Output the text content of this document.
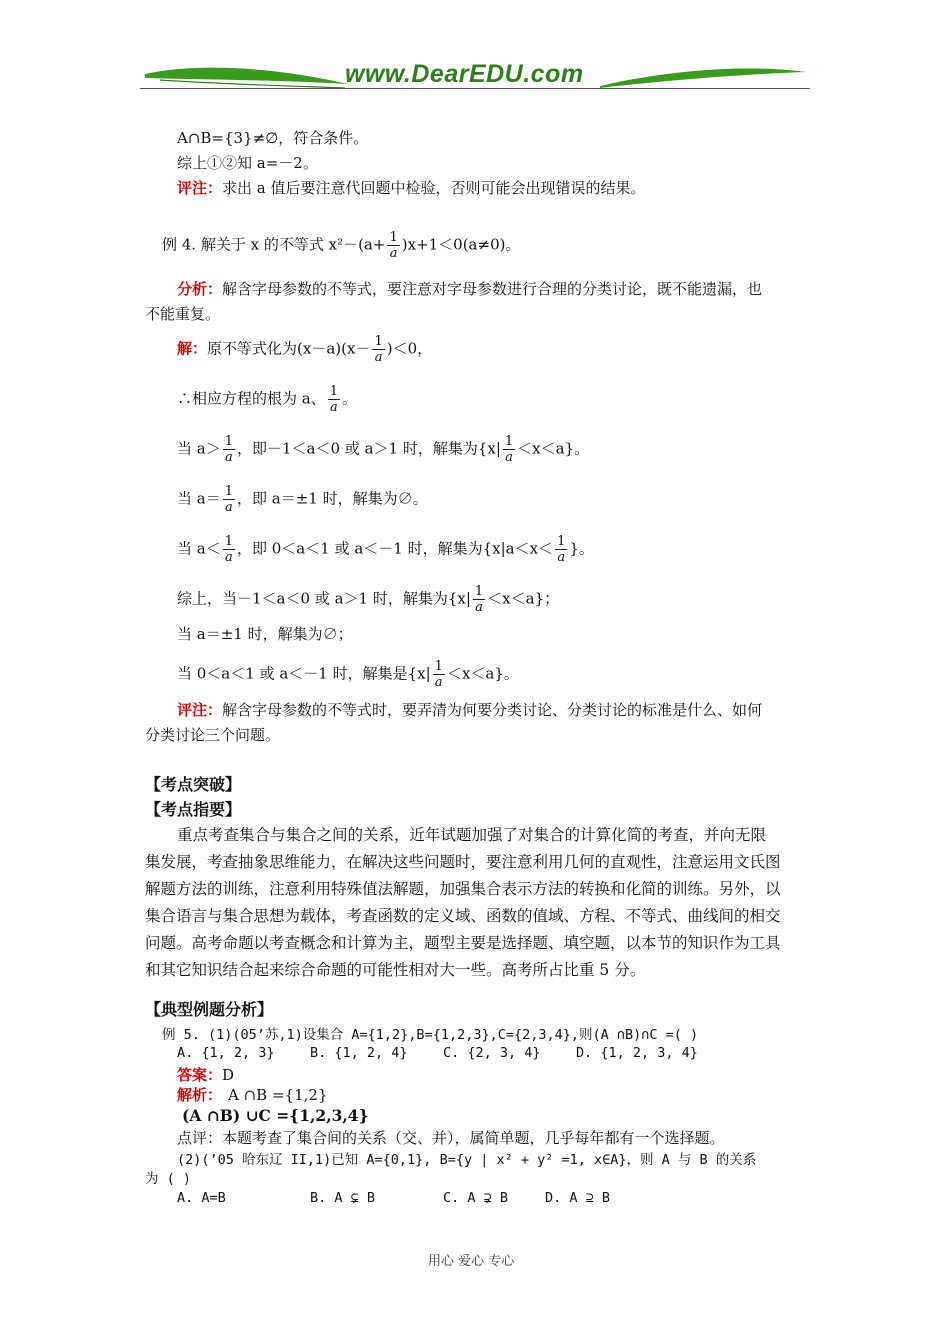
www.DearEDU.com
A∩B={3}≠∅，符合条件。
综上①②知 a=－2。
评注：求出 a 值后要注意代回题中检验，否则可能会出现错误的结果。
例 4. 解关于 x 的不等式 $x^2-(a+ \frac{1}{a} )x+1<0(a\ne 0)$。
分析：解含字母参数的不等式，要注意对字母参数进行合理的分类讨论，既不能遗漏，也
不能重复。
解：原不等式化为$(x-a)(x- \frac{1}{a} )<0$，
∴相应方程的根为 a、 $\frac{1}{a}$ 。
当 $a> \frac{1}{a}$ ，即－1＜a＜0 或 a＞1 时，解集为$\{x| \frac{1}{a} <x<a\}$。
当 $a= \frac{1}{a}$ ，即 a＝±1 时，解集为∅。
当 $a< \frac{1}{a}$ ，即 0＜a＜1 或 a＜－1 时，解集为{$x|a<x< \frac{1}{a}$ }。
综上，当－1＜a＜0 或 a＞1 时，解集为$\{x| \frac{1}{a} <x<a\}$；
当 a＝±1 时，解集为∅；
当 0＜a＜1 或 a＜－1 时，解集是$\{x| \frac{1}{a} <x<a\}$。
评注：解含字母参数的不等式时，要弄清为何要分类讨论、分类讨论的标准是什么、如何
分类讨论三个问题。
【考点突破】
【考点指要】
重点考查集合与集合之间的关系，近年试题加强了对集合的计算化简的考查，并向无限
集发展，考查抽象思维能力，在解决这些问题时，要注意利用几何的直观性，注意运用文氏图
解题方法的训练，注意利用特殊值法解题，加强集合表示方法的转换和化简的训练。另外，以
集合语言与集合思想为载体，考查函数的定义域、函数的值域、方程、不等式、曲线间的相交
问题。高考命题以考查概念和计算为主，题型主要是选择题、填空题，以本节的知识作为工具
和其它知识结合起来综合命题的可能性相对大一些。高考所占比重 5 分。
【典型例题分析】
例 5. (1)(05’苏,1)设集合 A={1,2},B={1,2,3},C={2,3,4},则(A ∩B)∩C =( )
A. {1, 2, 3}	B. {1, 2, 4}	C. {2, 3, 4}	D. {1, 2, 3, 4}
答案：D
解析： A ∩B ={1,2}
(A ∩B) ∪C ={1,2,3,4}
点评：本题考查了集合间的关系（交、并），属简单题，几乎每年都有一个选择题。
(2)(’05 哈东辽 II,1)已知 A={0,1}, B={y | x² + y² =1, x∈A}，则 A 与 B 的关系
为 ( )
A. A=B	B. A ⊊ B	C. A ⊋ B	D. A ⊇ B
用心 爱心 专心
